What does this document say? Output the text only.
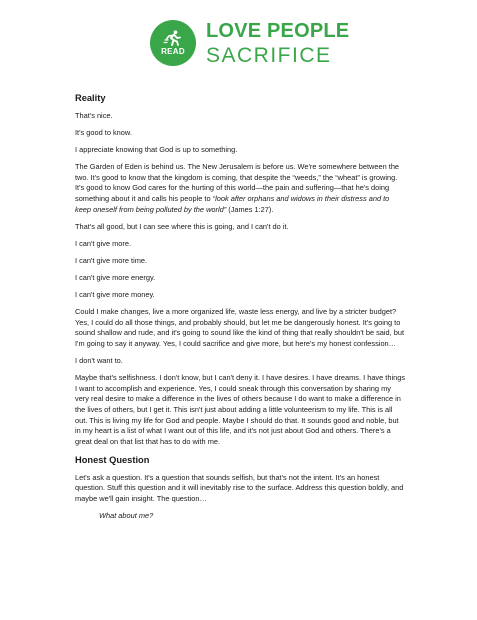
READ
LOVE PEOPLE
SACRIFICE
Reality

That's nice.

It's good to know.

I appreciate knowing that God is up to something.

The Garden of Eden is behind us. The New Jerusalem is before us. We're somewhere between the two. It's good to know that the kingdom is coming, that despite the “weeds,” the “wheat” is growing. It's good to know God cares for the hurting of this world—the pain and suffering—that he's doing something about it and calls his people to “look after orphans and widows in their distress and to keep oneself from being polluted by the world” (James 1:27).

That's all good, but I can see where this is going, and I can't do it.

I can't give more.

I can't give more time.

I can't give more energy.

I can't give more money.

Could I make changes, live a more organized life, waste less energy, and live by a stricter budget? Yes, I could do all those things, and probably should, but let me be dangerously honest. It's going to sound shallow and rude, and it's going to sound like the kind of thing that really shouldn't be said, but I'm going to say it anyway. Yes, I could sacrifice and give more, but here's my honest confession…

I don't want to.

Maybe that's selfishness. I don't know, but I can't deny it. I have desires. I have dreams. I have things I want to accomplish and experience. Yes, I could sneak through this conversation by sharing my very real desire to make a difference in the lives of others because I do want to make a difference in the lives of others, but I get it. This isn't just about adding a little volunteerism to my life. This is all out. This is living my life for God and people. Maybe I should do that. It sounds good and noble, but in my heart is a list of what I want out of this life, and it's not just about God and others. There's a great deal on that list that has to do with me.

Honest Question

Let's ask a question. It's a question that sounds selfish, but that's not the intent. It's an honest question. Stuff this question and it will inevitably rise to the surface. Address this question boldly, and maybe we'll gain insight. The question…

What about me?
